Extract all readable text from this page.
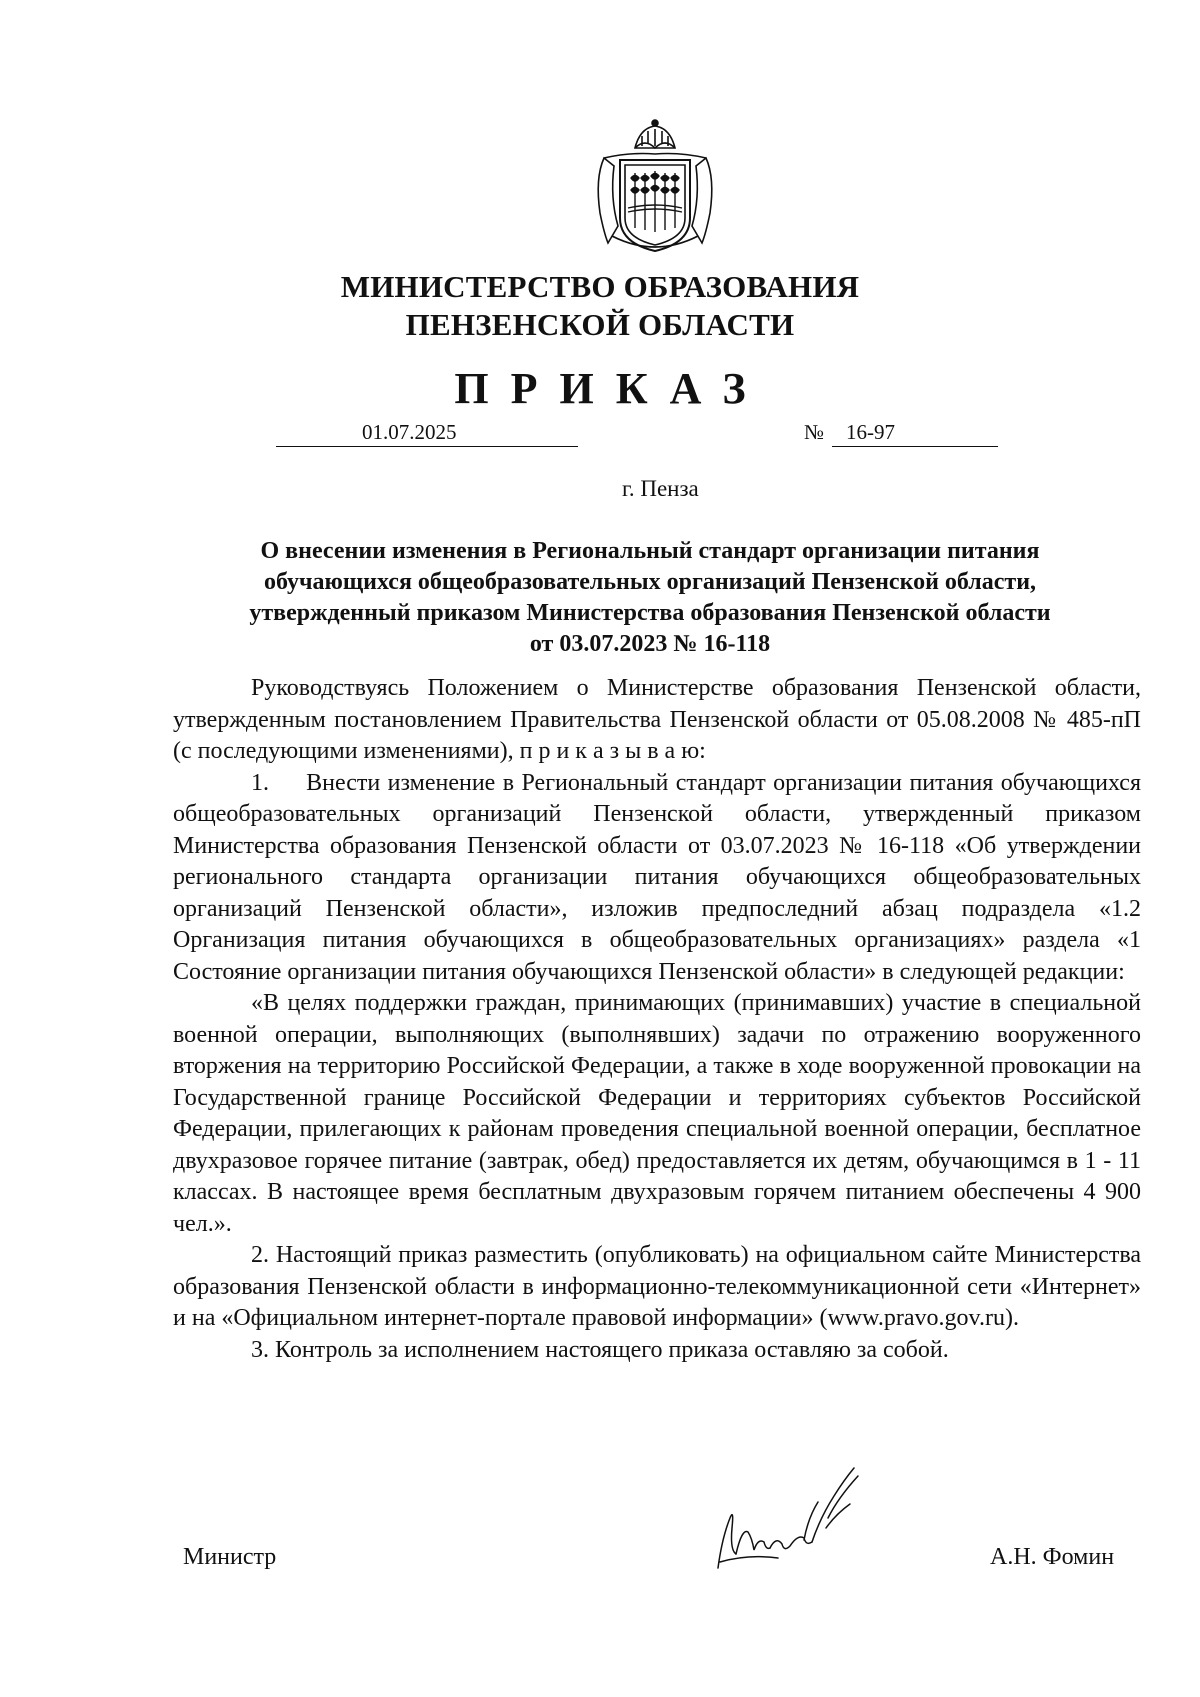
МИНИСТЕРСТВО ОБРАЗОВАНИЯ
ПЕНЗЕНСКОЙ ОБЛАСТИ
ПРИКАЗ
01.07.2025	№ 16-97
г. Пенза
О внесении изменения в Региональный стандарт организации питания
обучающихся общеобразовательных организаций Пензенской области,
утвержденный приказом Министерства образования Пензенской области
от 03.07.2023 № 16-118

Руководствуясь Положением о Министерстве образования Пензенской области, утвержденным постановлением Правительства Пензенской области от 05.08.2008 № 485-пП (с последующими изменениями), п р и к а з ы в а ю:

1.     Внести изменение в Региональный стандарт организации питания обучающихся общеобразовательных организаций Пензенской области, утвержденный приказом Министерства образования Пензенской области от 03.07.2023 № 16-118 «Об утверждении регионального стандарта организации питания обучающихся общеобразовательных организаций Пензенской области», изложив предпоследний абзац подраздела «1.2 Организация питания обучающихся в общеобразовательных организациях» раздела «1 Состояние организации питания обучающихся Пензенской области» в следующей редакции:

«В целях поддержки граждан, принимающих (принимавших) участие в специальной военной операции, выполняющих (выполнявших) задачи по отражению вооруженного вторжения на территорию Российской Федерации, а также в ходе вооруженной провокации на Государственной границе Российской Федерации и территориях субъектов Российской Федерации, прилегающих к районам проведения специальной военной операции, бесплатное двухразовое горячее питание (завтрак, обед) предоставляется их детям, обучающимся в 1 - 11 классах. В настоящее время бесплатным двухразовым горячем питанием обеспечены 4 900 чел.».

2. Настоящий приказ разместить (опубликовать) на официальном сайте Министерства образования Пензенской области в информационно-телекоммуникационной сети «Интернет» и на «Официальном интернет-портале правовой информации» (www.pravo.gov.ru).

3. Контроль за исполнением настоящего приказа оставляю за собой.

Министр	А.Н. Фомин
